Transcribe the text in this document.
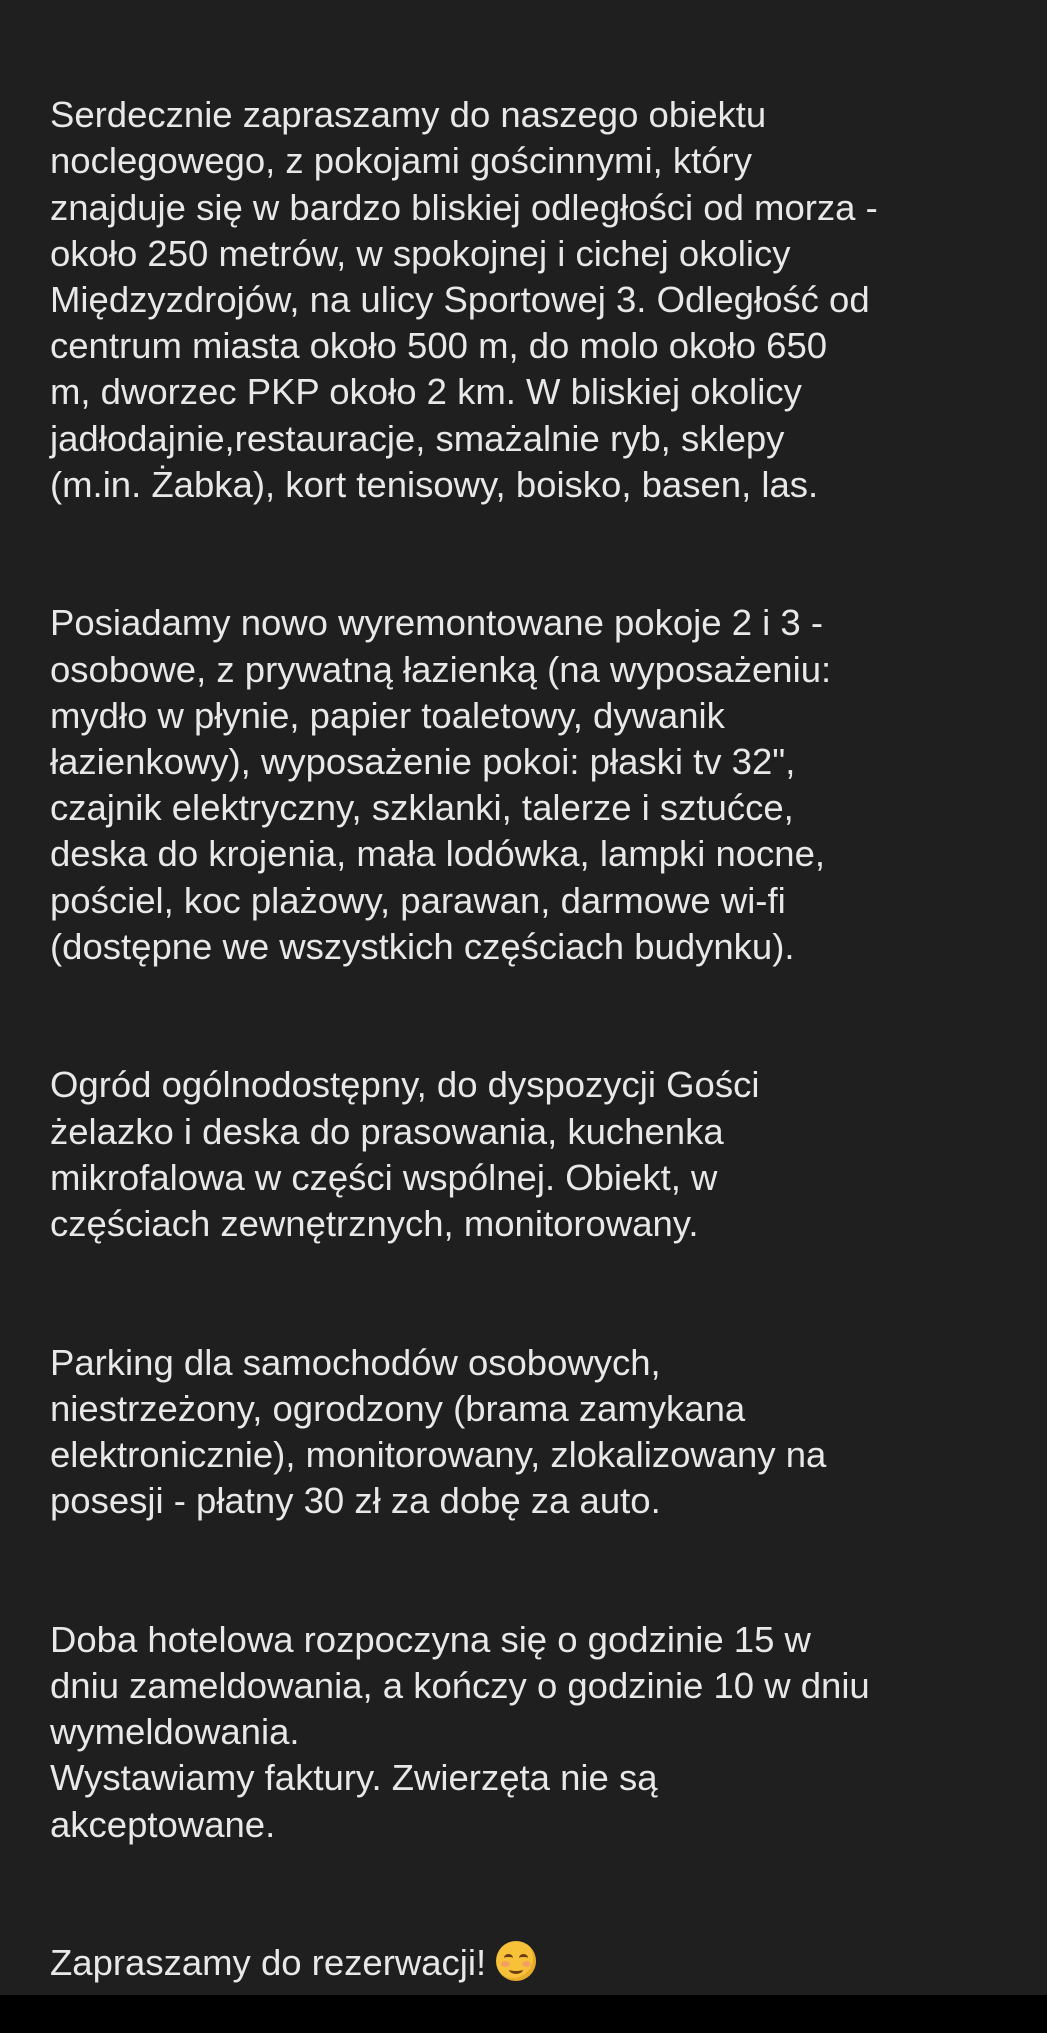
Serdecznie zapraszamy do naszego obiektu
noclegowego, z pokojami gościnnymi, który
znajduje się w bardzo bliskiej odległości od morza -
około 250 metrów, w spokojnej i cichej okolicy
Międzyzdrojów, na ulicy Sportowej 3. Odległość od
centrum miasta około 500 m, do molo około 650
m, dworzec PKP około 2 km. W bliskiej okolicy
jadłodajnie,restauracje, smażalnie ryb, sklepy
(m.in. Żabka), kort tenisowy, boisko, basen, las.

Posiadamy nowo wyremontowane pokoje 2 i 3 -
osobowe, z prywatną łazienką (na wyposażeniu:
mydło w płynie, papier toaletowy, dywanik
łazienkowy), wyposażenie pokoi: płaski tv 32",
czajnik elektryczny, szklanki, talerze i sztućce,
deska do krojenia, mała lodówka, lampki nocne,
pościel, koc plażowy, parawan, darmowe wi-fi
(dostępne we wszystkich częściach budynku).

Ogród ogólnodostępny, do dyspozycji Gości
żelazko i deska do prasowania, kuchenka
mikrofalowa w części wspólnej. Obiekt, w
częściach zewnętrznych, monitorowany.

Parking dla samochodów osobowych,
niestrzeżony, ogrodzony (brama zamykana
elektronicznie), monitorowany, zlokalizowany na
posesji - płatny 30 zł za dobę za auto.

Doba hotelowa rozpoczyna się o godzinie 15 w
dniu zameldowania, a kończy o godzinie 10 w dniu
wymeldowania.
Wystawiamy faktury. Zwierzęta nie są
akceptowane.

Zapraszamy do rezerwacji!
